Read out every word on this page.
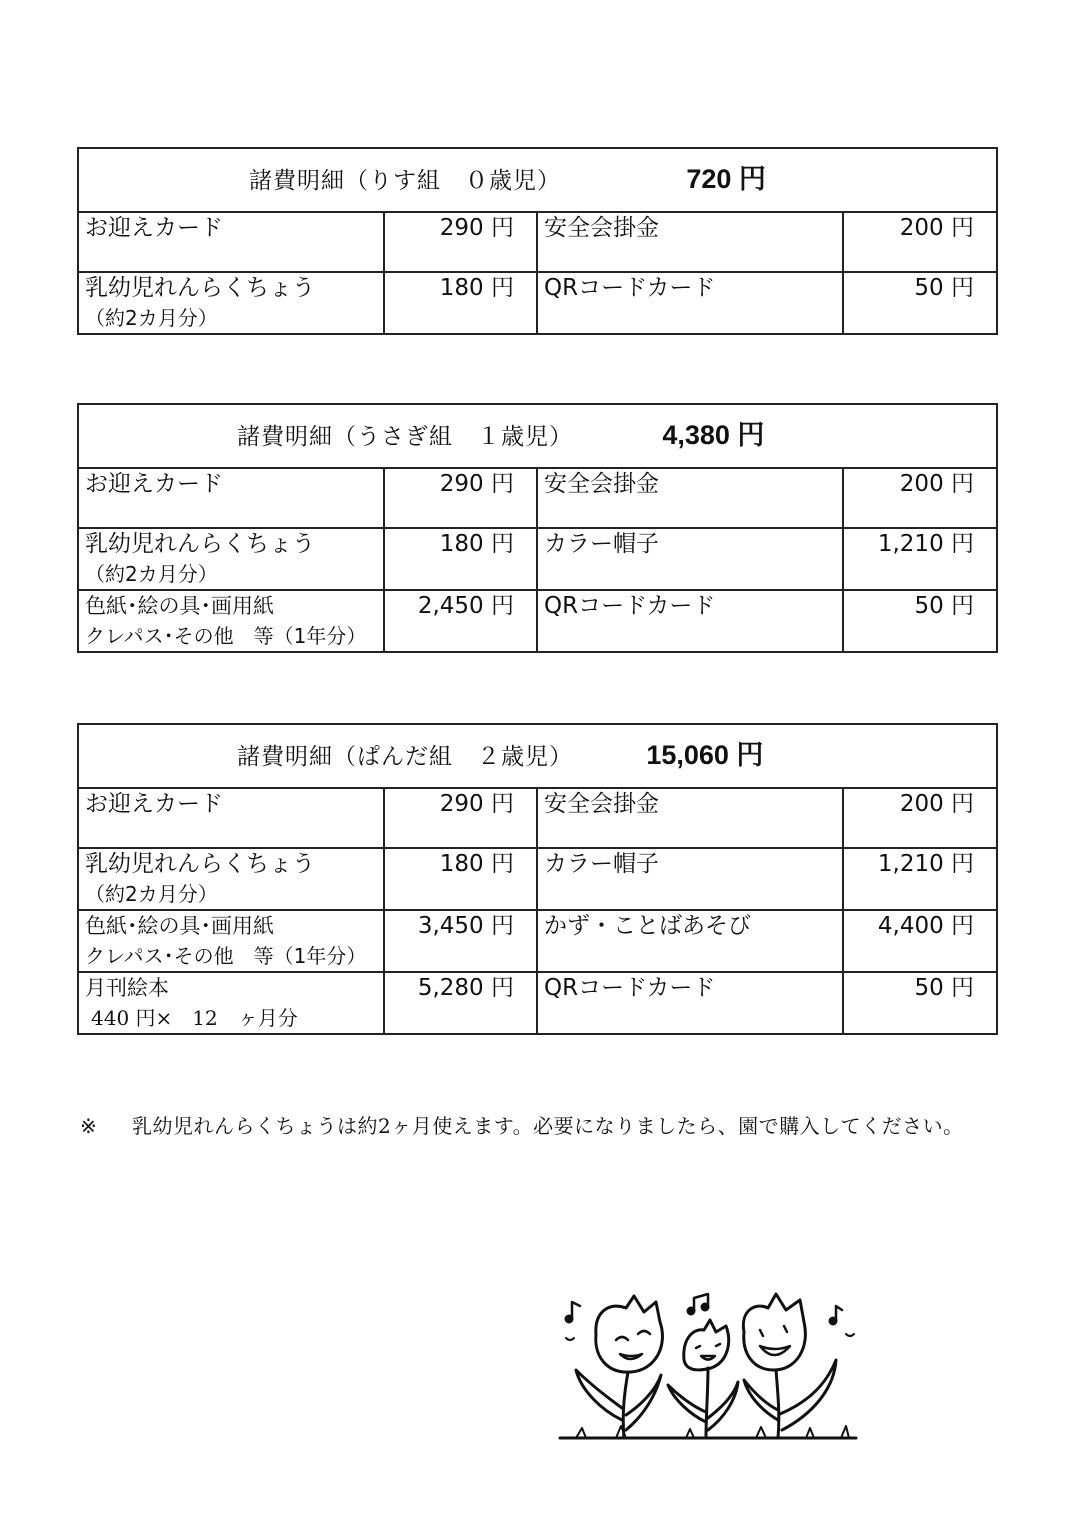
諸費明細（りす組　０歳児） 720 円			

お迎えカード	290 円	安全会掛金	200 円

乳幼児れんらくちょう
（約2カ月分）	180 円	QRコードカード	50 円
諸費明細（うさぎ組　１歳児） 4,380 円			

お迎えカード	290 円	安全会掛金	200 円

乳幼児れんらくちょう
（約2カ月分）	180 円	カラー帽子	1,210 円

色紙･絵の具･画用紙
クレパス･その他　等（1年分）	2,450 円	QRコードカード	50 円
諸費明細（ぱんだ組　２歳児） 15,060 円			

お迎えカード	290 円	安全会掛金	200 円

乳幼児れんらくちょう
（約2カ月分）	180 円	カラー帽子	1,210 円

色紙･絵の具･画用紙
クレパス･その他　等（1年分）	3,450 円	かず・ことばあそび	4,400 円

月刊絵本
440 円×　12　ヶ月分	5,280 円	QRコードカード	50 円
※ 乳幼児れんらくちょうは約2ヶ月使えます。必要になりましたら、園で購入してください。
